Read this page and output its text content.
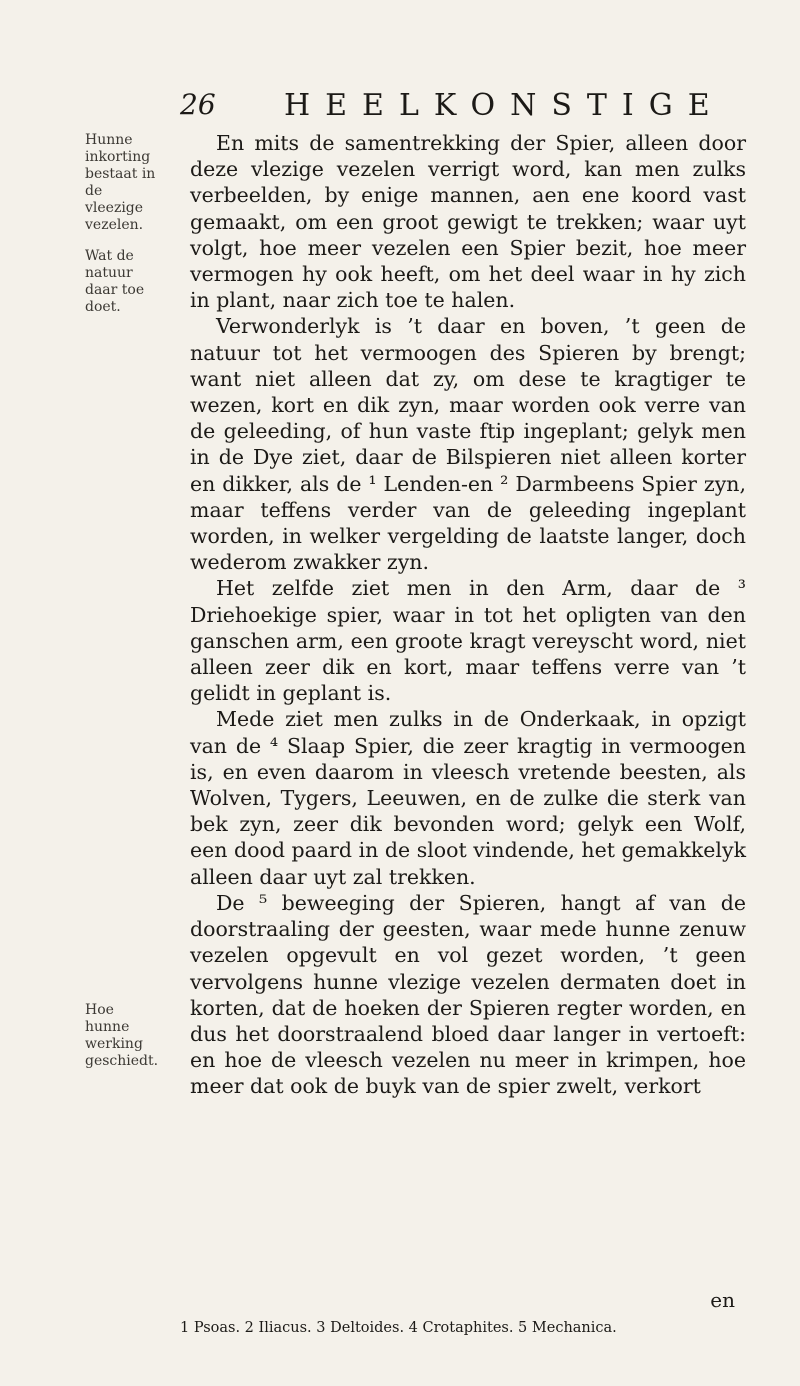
26 HEELKONSTIGE
Hunne inkorting bestaat in de vleezige vezelen.
Wat de natuur daar toe doet.
Hoe hunne werking geschiedt.

En mits de samentrekking der Spier, alleen door deze vlezige vezelen verrigt word, kan men zulks verbeelden, by enige mannen, aen ene koord vast gemaakt, om een groot gewigt te trekken; waar uyt volgt, hoe meer vezelen een Spier bezit, hoe meer vermogen hy ook heeft, om het deel waar in hy zich in plant, naar zich toe te halen.

Verwonderlyk is ’t daar en boven, ’t geen de natuur tot het vermoogen des Spieren by brengt; want niet alleen dat zy, om dese te kragtiger te wezen, kort en dik zyn, maar worden ook verre van de geleeding, of hun vaste ftip ingeplant; gelyk men in de Dye ziet, daar de Bilspieren niet alleen korter en dikker, als de ¹ Lenden-en ² Darmbeens Spier zyn, maar teffens verder van de geleeding ingeplant worden, in welker vergelding de laatste langer, doch wederom zwakker zyn.

Het zelfde ziet men in den Arm, daar de ³ Driehoekige spier, waar in tot het opligten van den ganschen arm, een groote kragt vereyscht word, niet alleen zeer dik en kort, maar teffens verre van ’t gelidt in geplant is.

Mede ziet men zulks in de Onderkaak, in opzigt van de ⁴ Slaap Spier, die zeer kragtig in vermoogen is, en even daarom in vleesch vretende beesten, als Wolven, Tygers, Leeuwen, en de zulke die sterk van bek zyn, zeer dik bevonden word; gelyk een Wolf, een dood paard in de sloot vindende, het gemakkelyk alleen daar uyt zal trekken.

De ⁵ beweeging der Spieren, hangt af van de doorstraaling der geesten, waar mede hunne zenuw vezelen opgevult en vol gezet worden, ’t geen vervolgens hunne vlezige vezelen dermaten doet in korten, dat de hoeken der Spieren regter worden, en dus het doorstraalend bloed daar langer in vertoeft: en hoe de vleesch vezelen nu meer in krimpen, hoe meer dat ook de buyk van de spier zwelt, verkort

en
1 Psoas. 2 Iliacus. 3 Deltoides. 4 Crotaphites. 5 Mechanica.
